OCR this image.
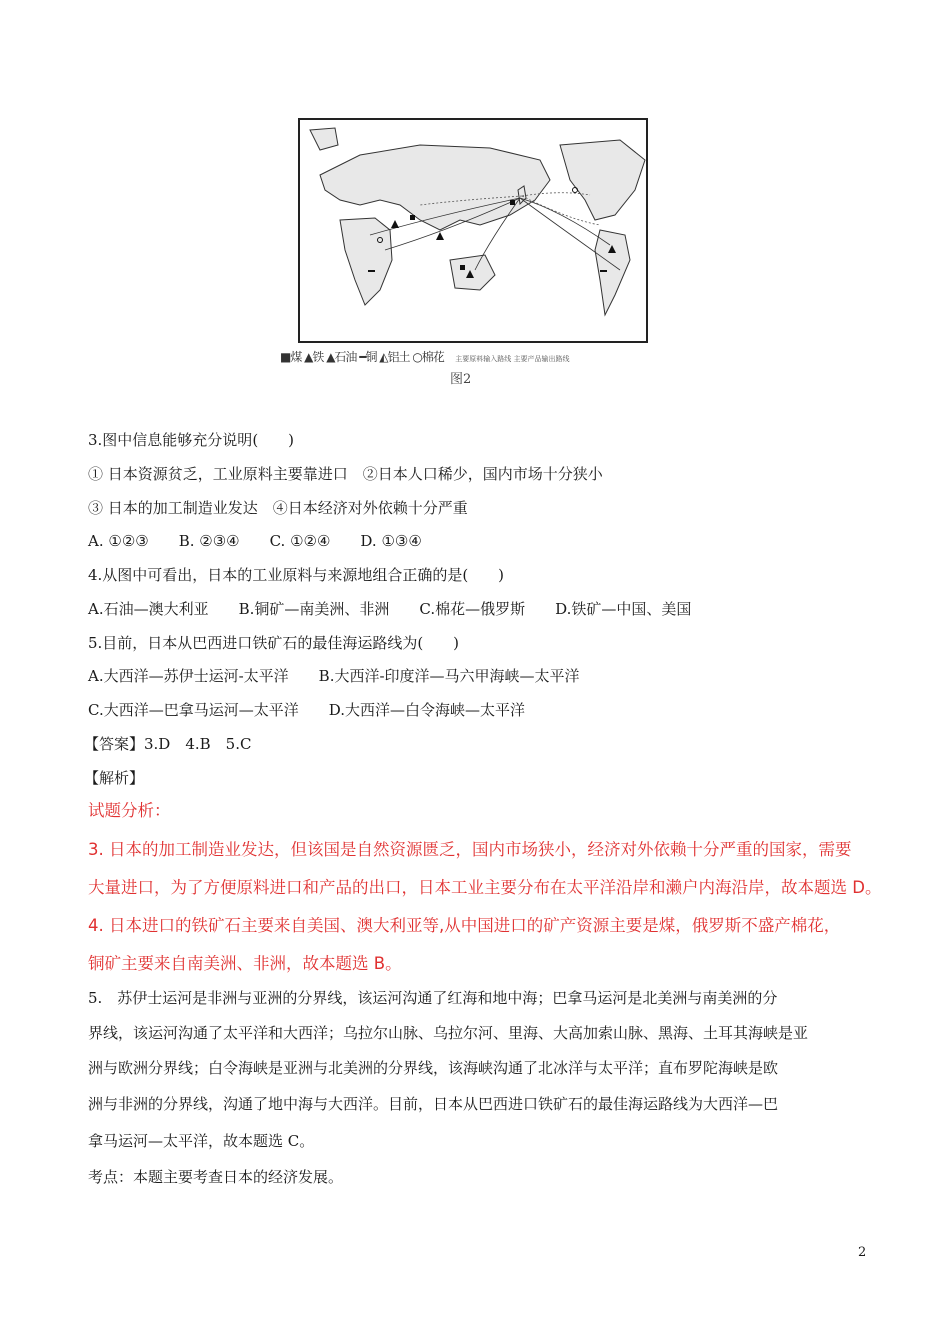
■煤 ▲铁 ▲石油 ━铜 ◭铝土 ○棉花 主要原料输入路线 主要产品输出路线
图2
3.图中信息能够充分说明(　　)
① 日本资源贫乏，工业原料主要靠进口　②日本人口稀少，国内市场十分狭小
③ 日本的加工制造业发达　④日本经济对外依赖十分严重
A. ①②③　　B. ②③④　　C. ①②④　　D. ①③④
4.从图中可看出，日本的工业原料与来源地组合正确的是(　　)
A.石油—澳大利亚　　B.铜矿—南美洲、非洲　　C.棉花—俄罗斯　　D.铁矿—中国、美国
5.目前，日本从巴西进口铁矿石的最佳海运路线为(　　)
A.大西洋—苏伊士运河-太平洋　　B.大西洋-印度洋—马六甲海峡—太平洋
C.大西洋—巴拿马运河—太平洋　　D.大西洋—白令海峡—太平洋
【答案】3.D　4.B　5.C
【解析】
试题分析：
3. 日本的加工制造业发达，但该国是自然资源匮乏，国内市场狭小，经济对外依赖十分严重的国家，需要
大量进口，为了方便原料进口和产品的出口，日本工业主要分布在太平洋沿岸和濑户内海沿岸，故本题选 D。
4. 日本进口的铁矿石主要来自美国、澳大利亚等,从中国进口的矿产资源主要是煤，俄罗斯不盛产棉花，
铜矿主要来自南美洲、非洲，故本题选 B。
5.　苏伊士运河是非洲与亚洲的分界线，该运河沟通了红海和地中海；巴拿马运河是北美洲与南美洲的分
界线，该运河沟通了太平洋和大西洋；乌拉尔山脉、乌拉尔河、里海、大高加索山脉、黑海、土耳其海峡是亚
洲与欧洲分界线；白令海峡是亚洲与北美洲的分界线，该海峡沟通了北冰洋与太平洋；直布罗陀海峡是欧
洲与非洲的分界线，沟通了地中海与大西洋。目前，日本从巴西进口铁矿石的最佳海运路线为大西洋—巴
拿马运河—太平洋，故本题选 C。
考点：本题主要考查日本的经济发展。
2
